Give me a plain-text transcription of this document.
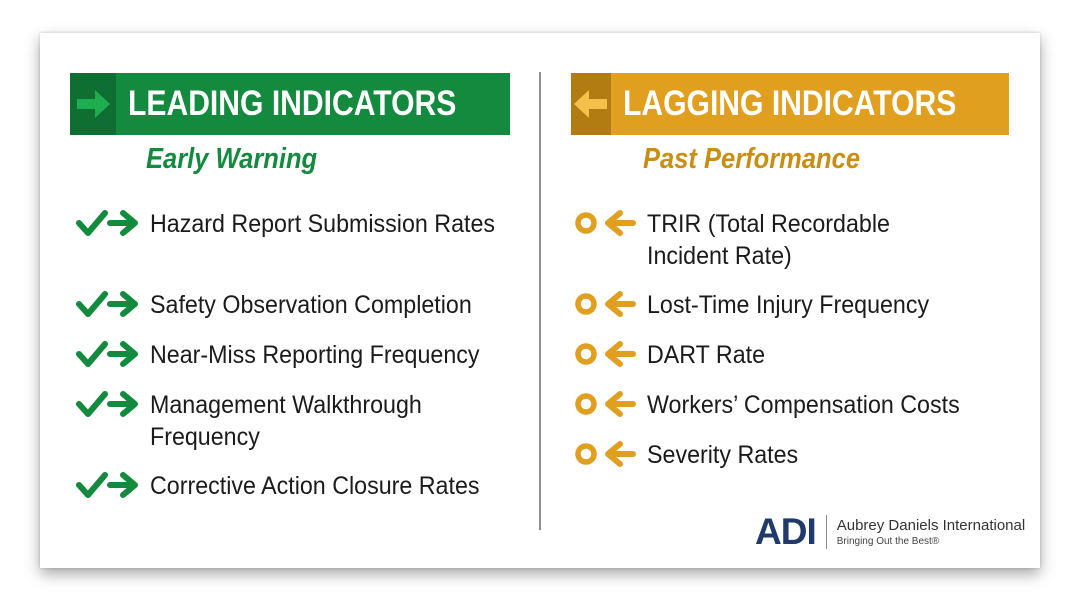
LEADING INDICATORS
Early Warning
LAGGING INDICATORS
Past Performance
Hazard Report Submission Rates
Safety Observation Completion
Near-Miss Reporting Frequency
Management Walkthrough Frequency
Corrective Action Closure Rates
TRIR (Total Recordable Incident Rate)
Lost-Time Injury Frequency
DART Rate
Workers’ Compensation Costs
Severity Rates
ADI Aubrey Daniels International
Bringing Out the Best®
